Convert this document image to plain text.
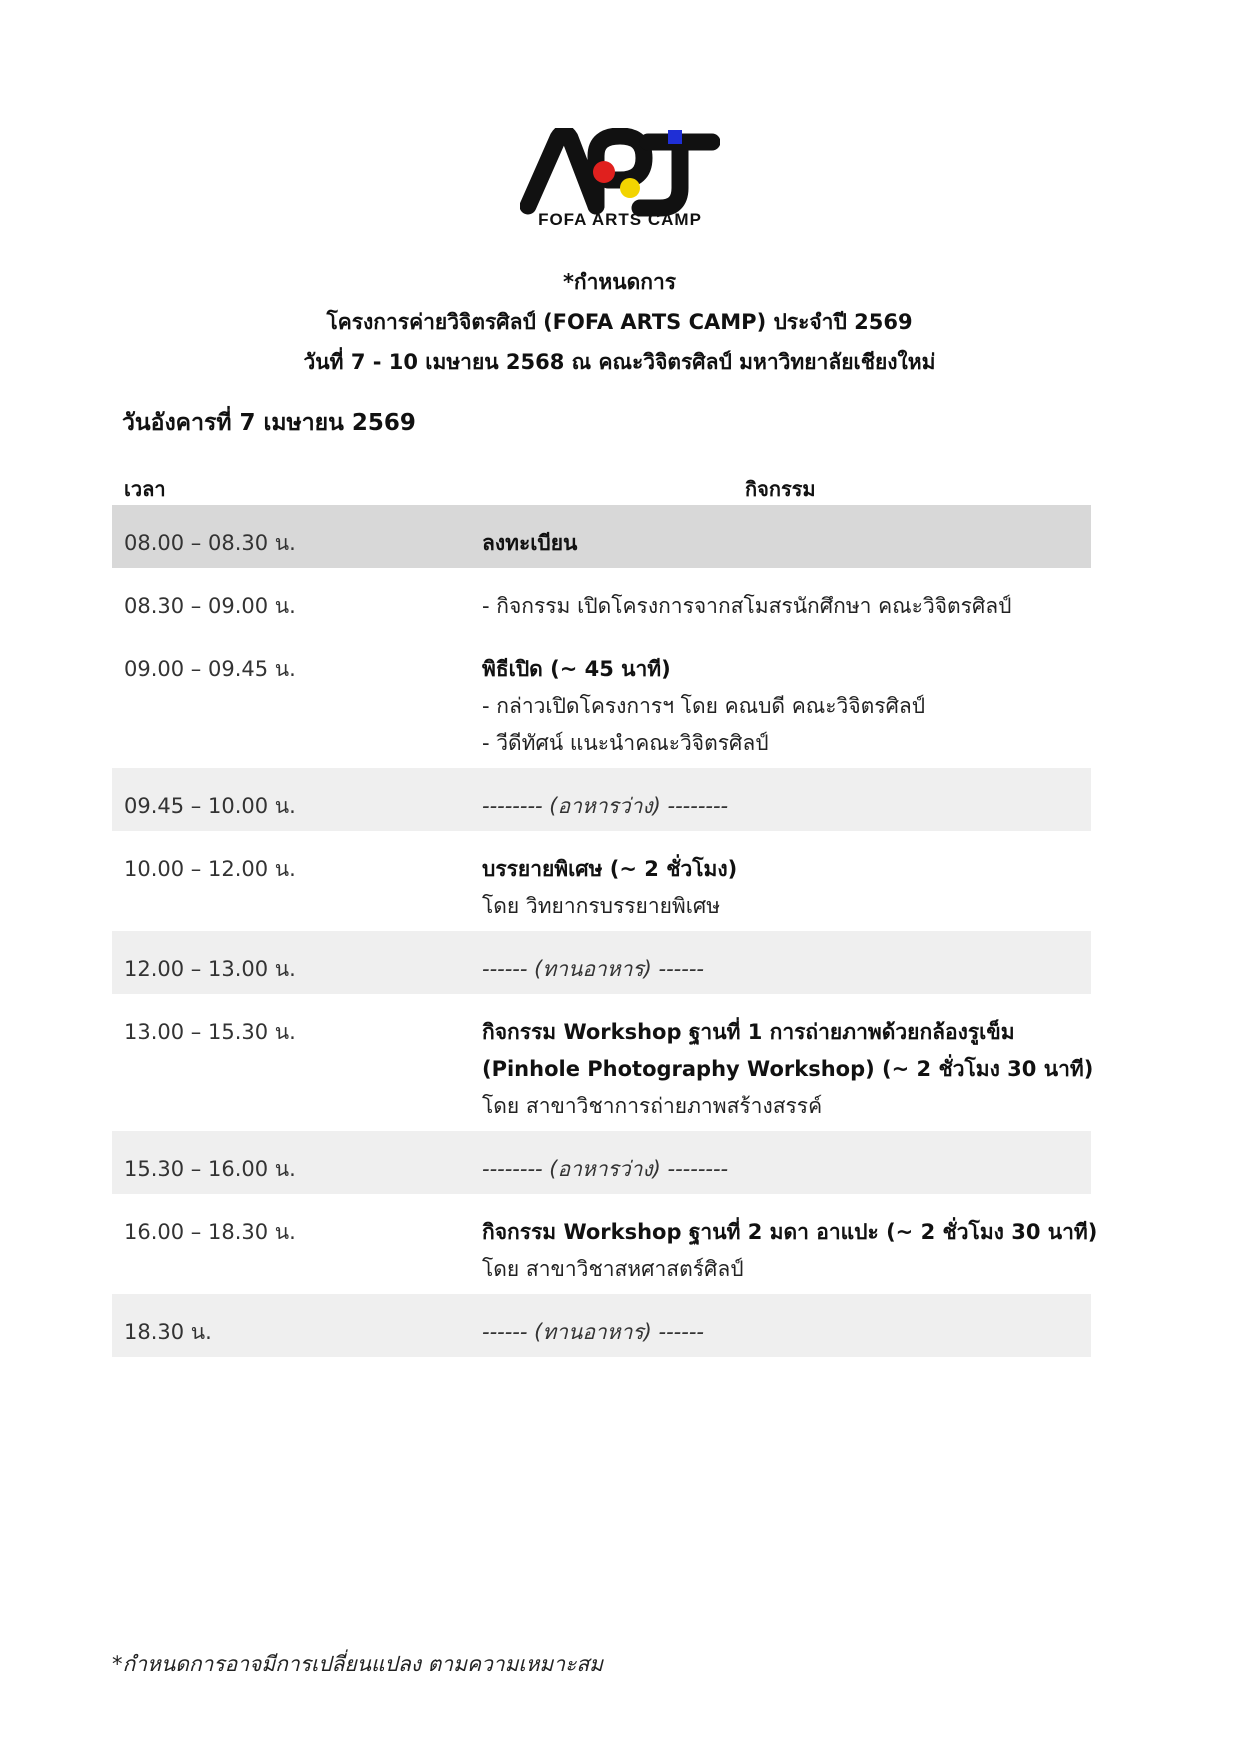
FOFA ARTS CAMP
*กำหนดการ
โครงการค่ายวิจิตรศิลป์ (FOFA ARTS CAMP) ประจำปี 2569
วันที่ 7 - 10 เมษายน 2568 ณ คณะวิจิตรศิลป์ มหาวิทยาลัยเชียงใหม่
วันอังคารที่ 7 เมษายน 2569
เวลา	กิจกรรม
08.00 – 08.30 น.	ลงทะเบียน
08.30 – 09.00 น.	- กิจกรรม เปิดโครงการจากสโมสรนักศึกษา คณะวิจิตรศิลป์
09.00 – 09.45 น.	พิธีเปิด (~ 45 นาที)
- กล่าวเปิดโครงการฯ โดย คณบดี คณะวิจิตรศิลป์
- วีดีทัศน์ แนะนำคณะวิจิตรศิลป์
09.45 – 10.00 น.	-------- (อาหารว่าง) --------
10.00 – 12.00 น.	บรรยายพิเศษ (~ 2 ชั่วโมง)
โดย วิทยากรบรรยายพิเศษ
12.00 – 13.00 น.	------ (ทานอาหาร) ------
13.00 – 15.30 น.	กิจกรรม Workshop ฐานที่ 1 การถ่ายภาพด้วยกล้องรูเข็ม
(Pinhole Photography Workshop) (~ 2 ชั่วโมง 30 นาที)
โดย สาขาวิชาการถ่ายภาพสร้างสรรค์
15.30 – 16.00 น.	-------- (อาหารว่าง) --------
16.00 – 18.30 น.	กิจกรรม Workshop ฐานที่ 2 มดา อาแปะ (~ 2 ชั่วโมง 30 นาที)
โดย สาขาวิชาสหศาสตร์ศิลป์
18.30 น.	------ (ทานอาหาร) ------
*กำหนดการอาจมีการเปลี่ยนแปลง ตามความเหมาะสม
